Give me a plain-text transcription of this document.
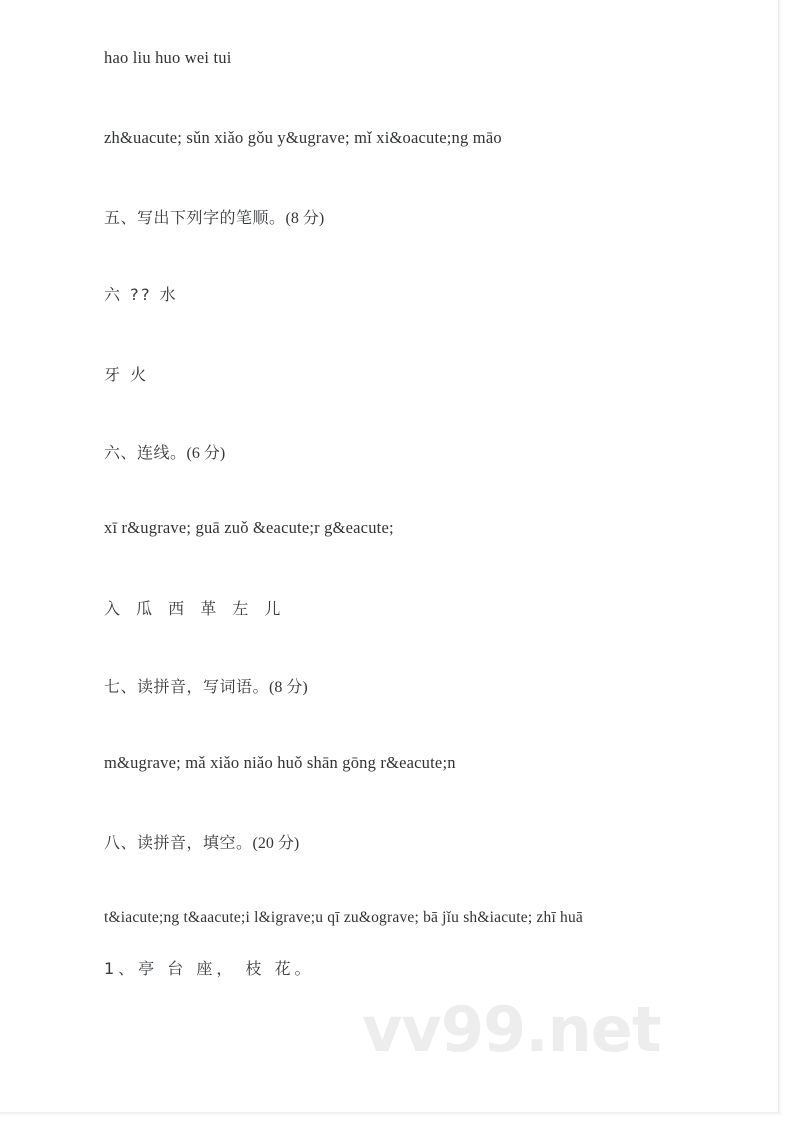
hao liu huo wei tui
zh&uacute; sǔn xiǎo gǒu y&ugrave; mǐ xi&oacute;ng māo
五、写出下列字的笔顺。(8 分)
六 ?? 水
牙 火
六、连线。(6 分)
xī r&ugrave; guā zuǒ &eacute;r g&eacute;
入 瓜 西 革 左 儿
七、读拼音，写词语。(8 分)
m&ugrave; mǎ xiǎo niǎo huǒ shān gōng r&eacute;n
八、读拼音，填空。(20 分)
t&iacute;ng t&aacute;i l&igrave;u qī zu&ograve; bā jǐu sh&iacute; zhī huā
1、亭 台 座， 枝 花。
vv99.net
